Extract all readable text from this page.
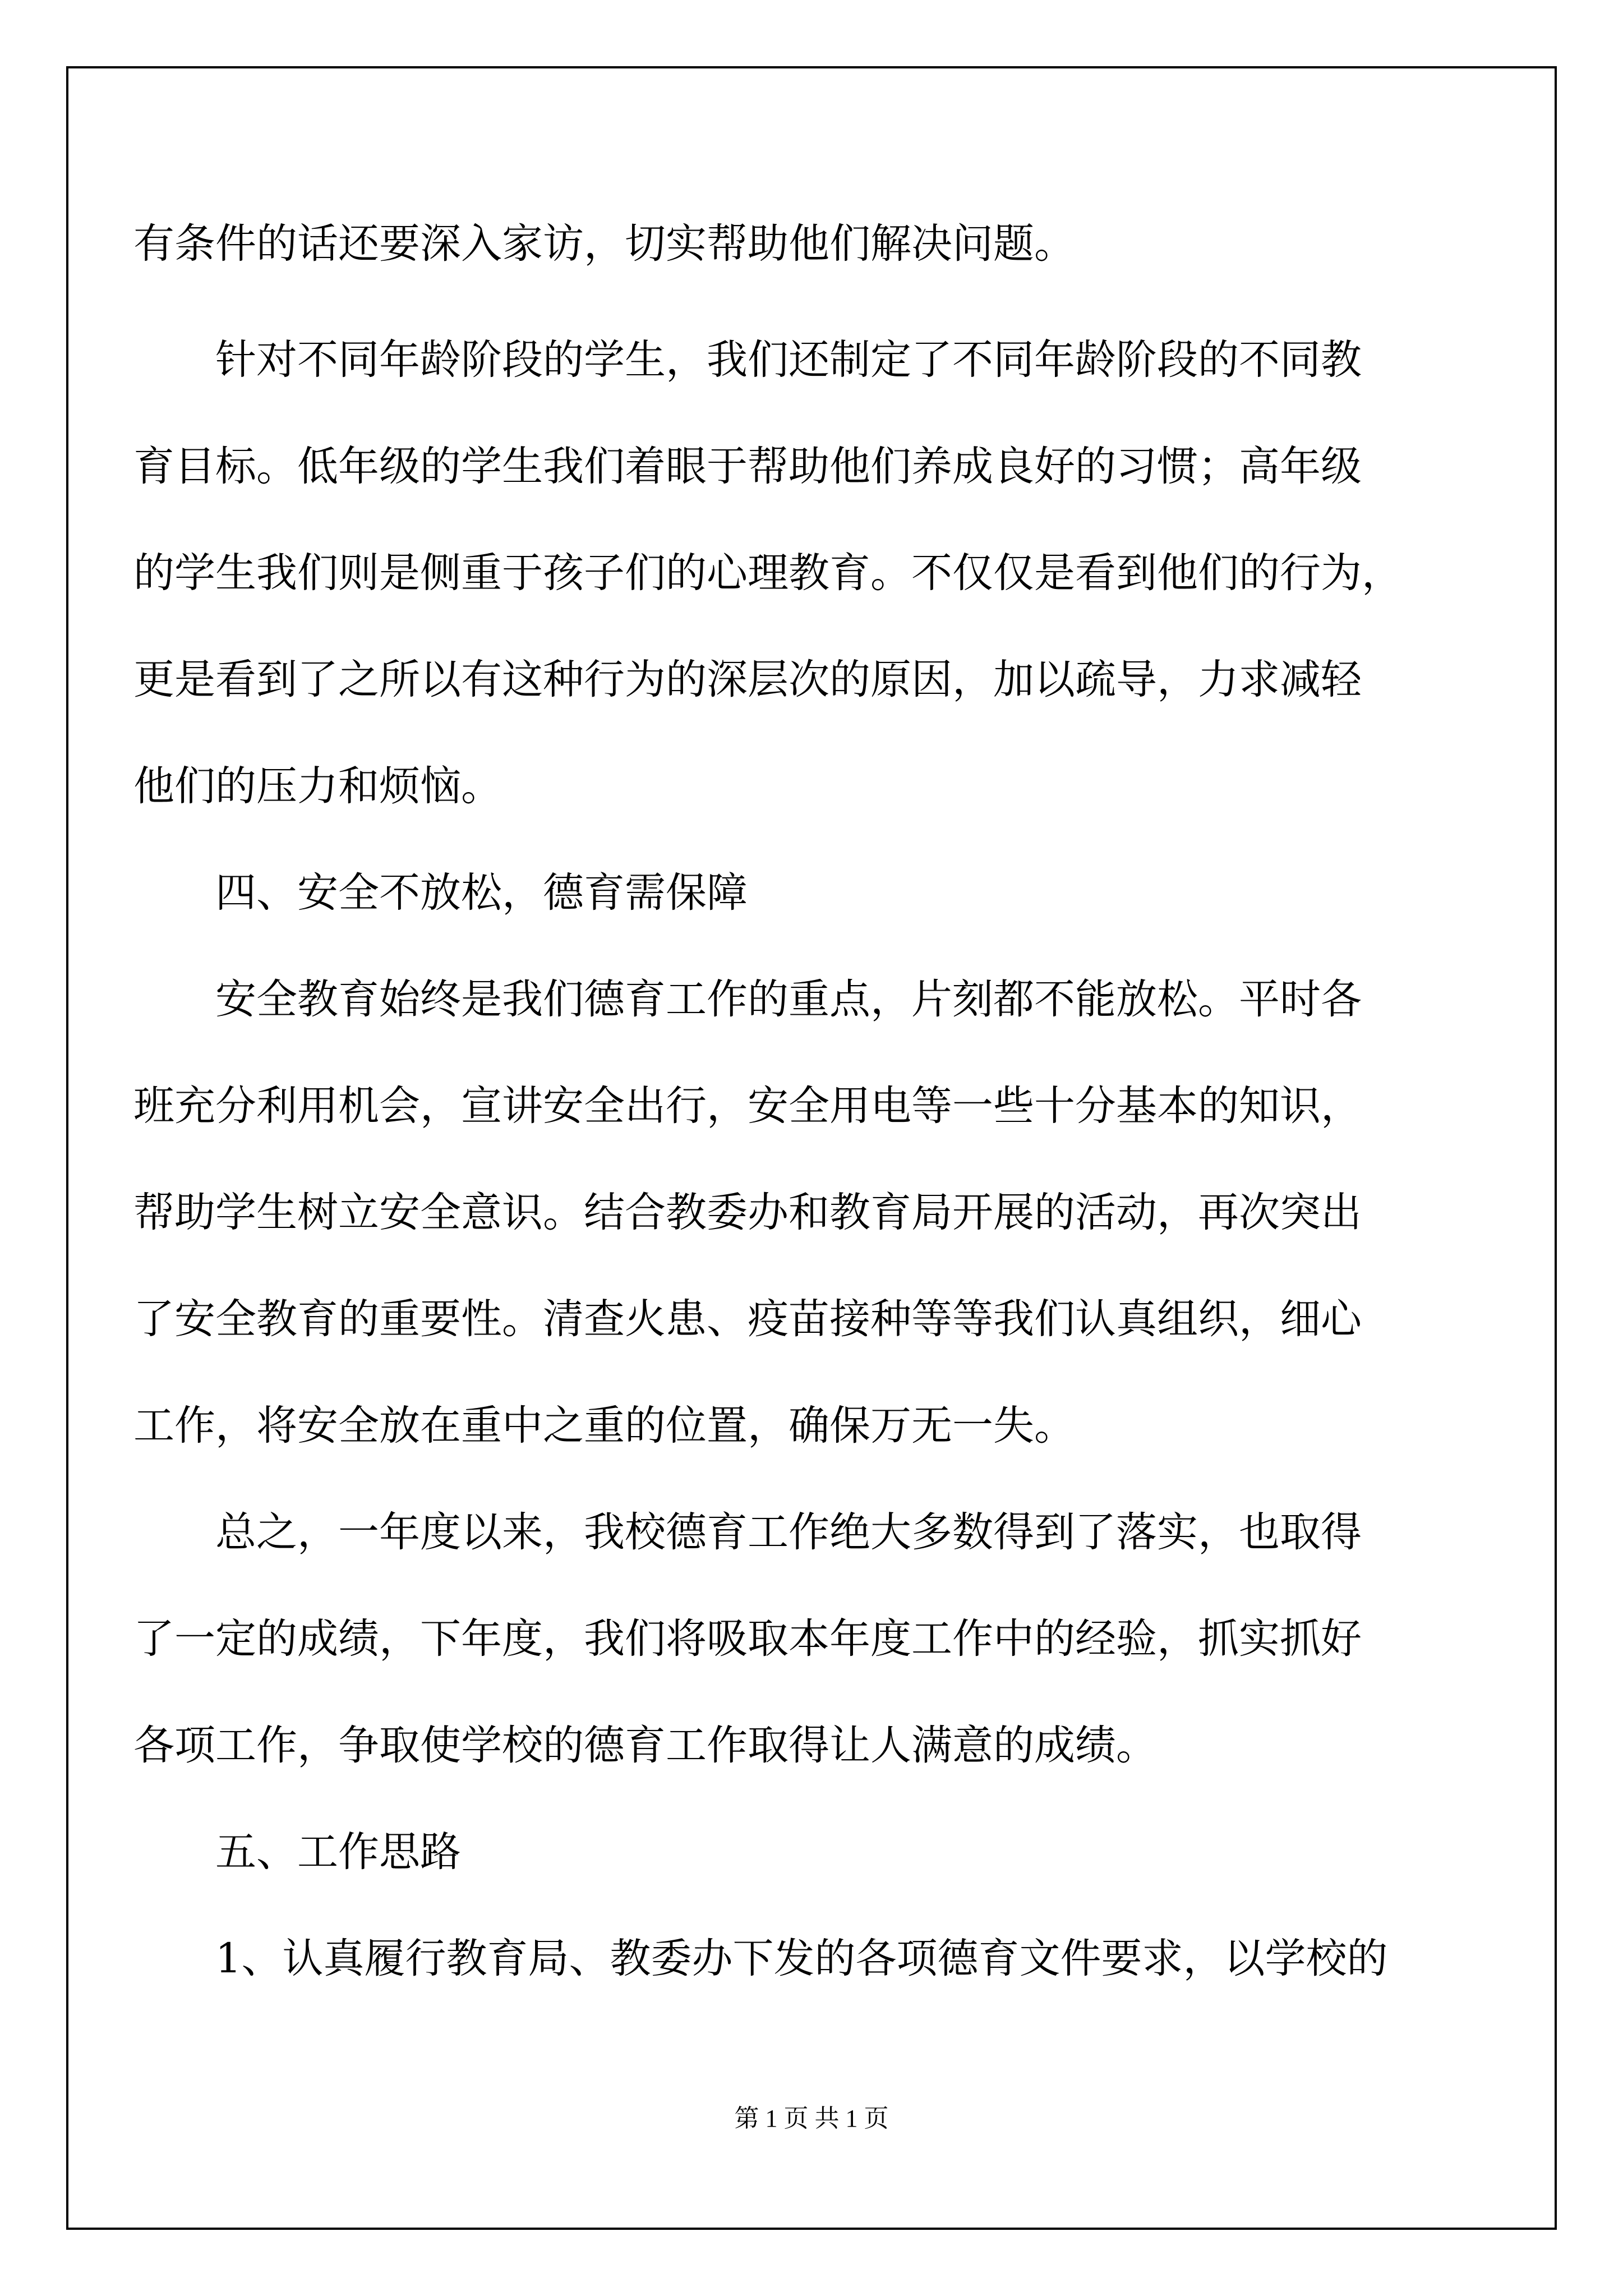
有条件的话还要深入家访，切实帮助他们解决问题。
针对不同年龄阶段的学生，我们还制定了不同年龄阶段的不同教
育目标。低年级的学生我们着眼于帮助他们养成良好的习惯；高年级
的学生我们则是侧重于孩子们的心理教育。不仅仅是看到他们的行为，
更是看到了之所以有这种行为的深层次的原因，加以疏导，力求减轻
他们的压力和烦恼。
四、安全不放松，德育需保障
安全教育始终是我们德育工作的重点，片刻都不能放松。平时各
班充分利用机会，宣讲安全出行，安全用电等一些十分基本的知识，
帮助学生树立安全意识。结合教委办和教育局开展的活动，再次突出
了安全教育的重要性。清查火患、疫苗接种等等我们认真组织，细心
工作，将安全放在重中之重的位置，确保万无一失。
总之，一年度以来，我校德育工作绝大多数得到了落实，也取得
了一定的成绩，下年度，我们将吸取本年度工作中的经验，抓实抓好
各项工作，争取使学校的德育工作取得让人满意的成绩。
五、工作思路
1、认真履行教育局、教委办下发的各项德育文件要求，以学校的
第 1 页 共 1 页
